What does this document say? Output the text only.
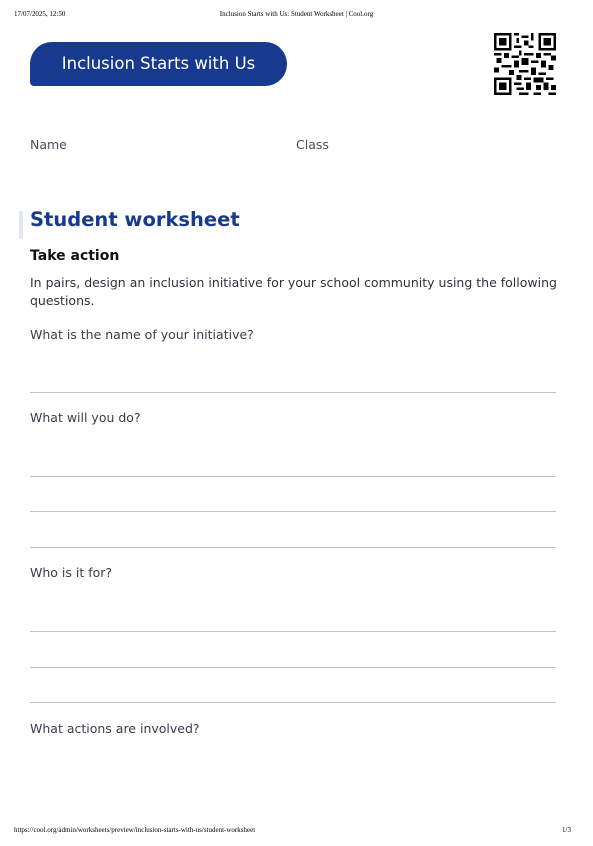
17/07/2025, 12:50	Inclusion Starts with Us: Student Worksheet | Cool.org
Inclusion Starts with Us
Name	Class
Student worksheet
Take action
In pairs, design an inclusion initiative for your school community using the following questions.
What is the name of your initiative?
What will you do?
Who is it for?
What actions are involved?
https://cool.org/admin/worksheets/preview/inclusion-starts-with-us/student-worksheet	1/3
